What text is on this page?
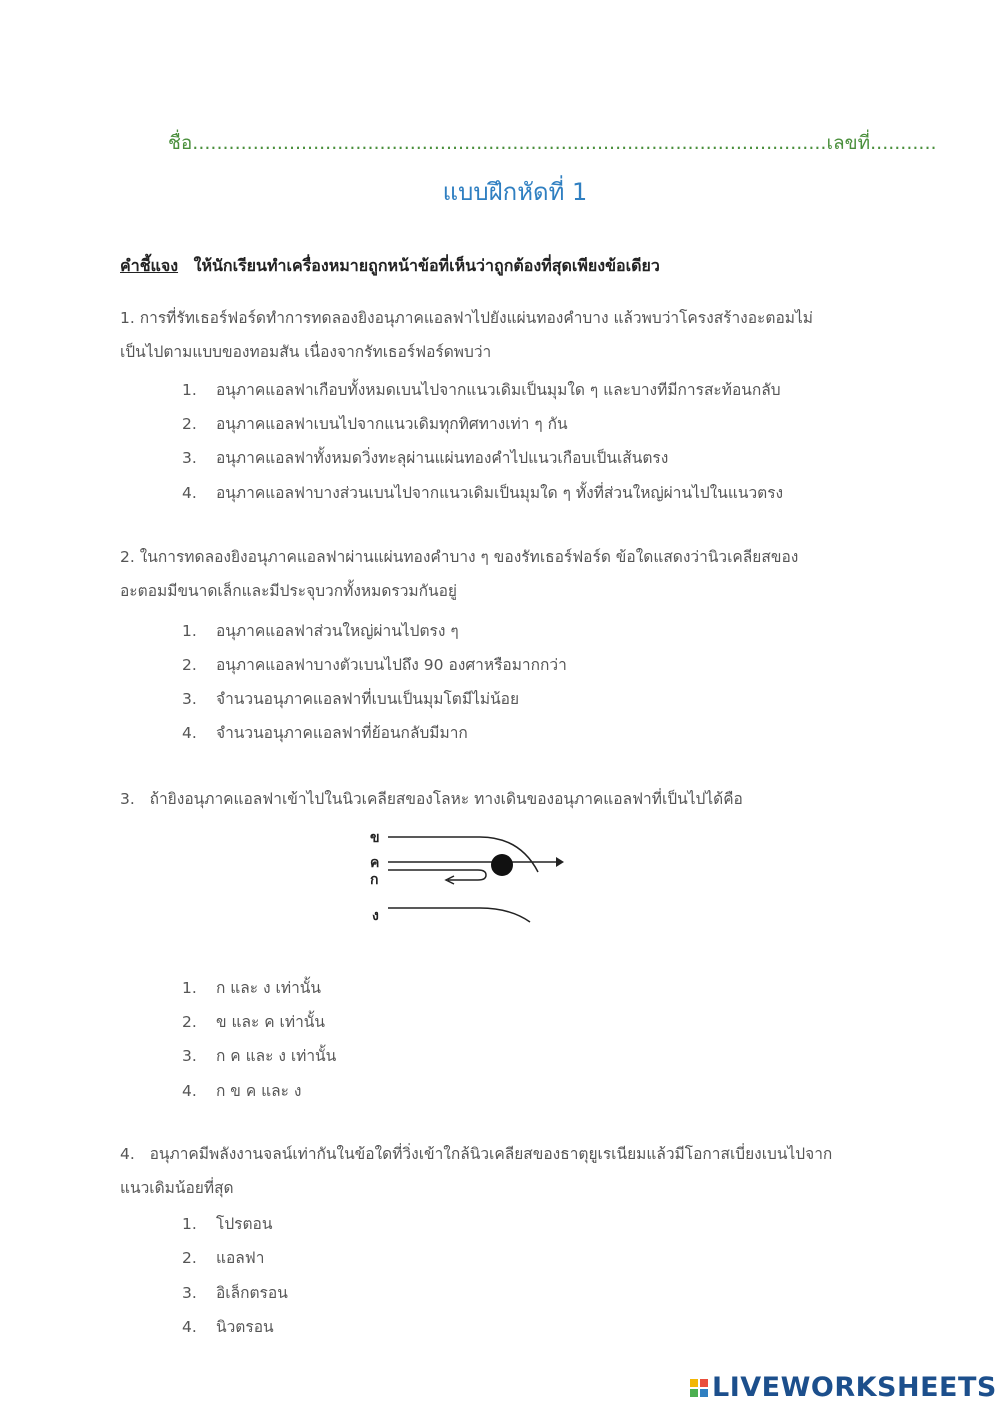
ชื่อ.........................................................................................................เลขที่...........
แบบฝึกหัดที่ 1
คำชี้แจง ให้นักเรียนทำเครื่องหมายถูกหน้าข้อที่เห็นว่าถูกต้องที่สุดเพียงข้อเดียว
1. การที่รัทเธอร์ฟอร์ดทำการทดลองยิงอนุภาคแอลฟาไปยังแผ่นทองคำบาง แล้วพบว่าโครงสร้างอะตอมไม่
เป็นไปตามแบบของทอมสัน เนื่องจากรัทเธอร์ฟอร์ดพบว่า
1. อนุภาคแอลฟาเกือบทั้งหมดเบนไปจากแนวเดิมเป็นมุมใด ๆ และบางทีมีการสะท้อนกลับ
2. อนุภาคแอลฟาเบนไปจากแนวเดิมทุกทิศทางเท่า ๆ กัน
3. อนุภาคแอลฟาทั้งหมดวิ่งทะลุผ่านแผ่นทองคำไปแนวเกือบเป็นเส้นตรง
4. อนุภาคแอลฟาบางส่วนเบนไปจากแนวเดิมเป็นมุมใด ๆ ทั้งที่ส่วนใหญ่ผ่านไปในแนวตรง
2. ในการทดลองยิงอนุภาคแอลฟาผ่านแผ่นทองคำบาง ๆ ของรัทเธอร์ฟอร์ด ข้อใดแสดงว่านิวเคลียสของ
อะตอมมีขนาดเล็กและมีประจุบวกทั้งหมดรวมกันอยู่
1. อนุภาคแอลฟาส่วนใหญ่ผ่านไปตรง ๆ
2. อนุภาคแอลฟาบางตัวเบนไปถึง 90 องศาหรือมากกว่า
3. จำนวนอนุภาคแอลฟาที่เบนเป็นมุมโตมีไม่น้อย
4. จำนวนอนุภาคแอลฟาที่ย้อนกลับมีมาก
3. ถ้ายิงอนุภาคแอลฟาเข้าไปในนิวเคลียสของโลหะ ทางเดินของอนุภาคแอลฟาที่เป็นไปได้คือ
ข
ค
ก
ง
1. ก และ ง เท่านั้น
2. ข และ ค เท่านั้น
3. ก ค และ ง เท่านั้น
4. ก ข ค และ ง
4. อนุภาคมีพลังงานจลน์เท่ากันในข้อใดที่วิ่งเข้าใกล้นิวเคลียสของธาตุยูเรเนียมแล้วมีโอกาสเบี่ยงเบนไปจาก
แนวเดิมน้อยที่สุด
1. โปรตอน
2. แอลฟา
3. อิเล็กตรอน
4. นิวตรอน
LIVEWORKSHEETS
